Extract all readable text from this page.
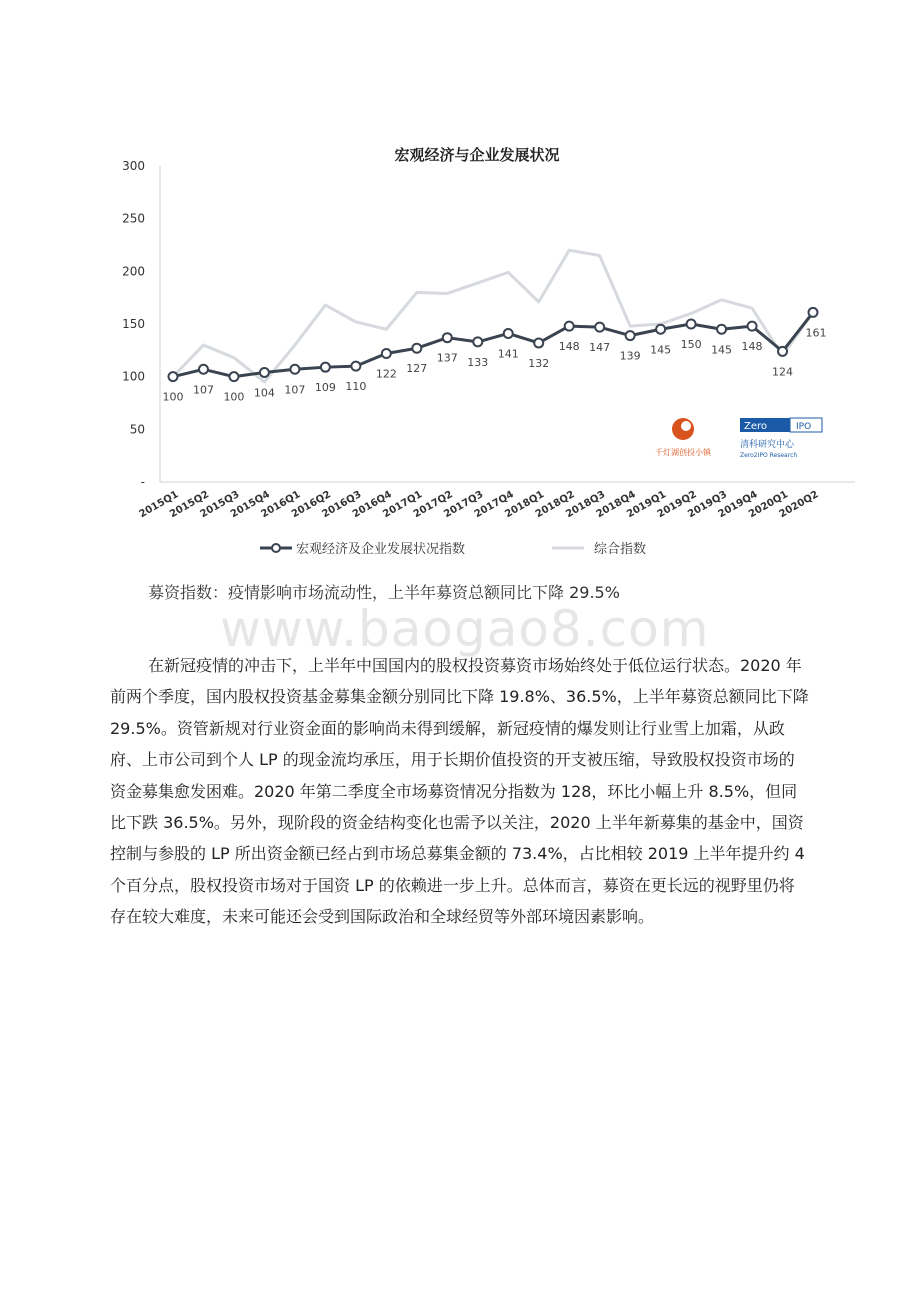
宏观经济与企业发展状况
-
50
100
150
200
250
300
2015Q1
2015Q2
2015Q3
2015Q4
2016Q1
2016Q2
2016Q3
2016Q4
2017Q1
2017Q2
2017Q3
2017Q4
2018Q1
2018Q2
2018Q3
2018Q4
2019Q1
2019Q2
2019Q3
2019Q4
2020Q1
2020Q2
100
107
100 104 107 109 110
122 127
137 133
141
132
148 147
139 145 150 145 148
124
161
千灯湖创投小镇
Zero	IPO
清科研究中心
Zero2IPO Research
宏观经济及企业发展状况指数	综合指数

募资指数：疫情影响市场流动性，上半年募资总额同比下降 29.5%

www.baogao8.com

在新冠疫情的冲击下，上半年中国国内的股权投资募资市场始终处于低位运行状态。2020 年前两个季度，国内股权投资基金募集金额分别同比下降 19.8%、36.5%，上半年募资总额同比下降 29.5%。资管新规对行业资金面的影响尚未得到缓解，新冠疫情的爆发则让行业雪上加霜，从政府、上市公司到个人 LP 的现金流均承压，用于长期价值投资的开支被压缩，导致股权投资市场的资金募集愈发困难。2020 年第二季度全市场募资情况分指数为 128，环比小幅上升 8.5%，但同比下跌 36.5%。另外，现阶段的资金结构变化也需予以关注，2020 上半年新募集的基金中，国资控制与参股的 LP 所出资金额已经占到市场总募集金额的 73.4%，占比相较 2019 上半年提升约 4 个百分点，股权投资市场对于国资 LP 的依赖进一步上升。总体而言，募资在更长远的视野里仍将存在较大难度，未来可能还会受到国际政治和全球经贸等外部环境因素影响。
